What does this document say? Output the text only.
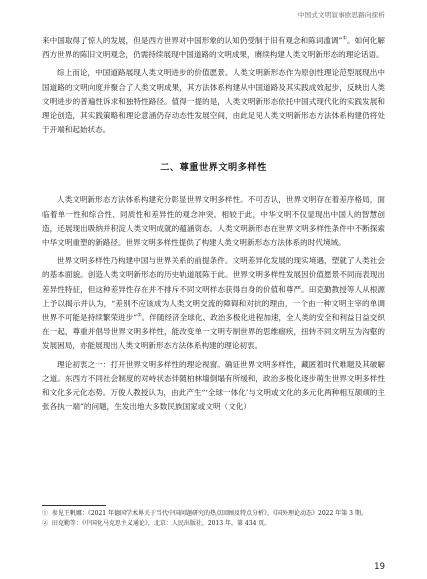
中国式文明叙事欧思路向探析

来中国取得了惊人的发展，但是西方世界对中国形象的认知仍受制于旧有观念和陈词滥调”①。如何化解西方世界的陈旧文明观念，仍需持续展现中国道路的文明成果，赓续构建人类文明新形态的理论话语。

综上而论，中国道路展现人类文明进步的价值愿景。人类文明新形态作为原创性理论范型展现出中国道路的文明向度并聚合了人类文明成果，其方法体系构建从中国道路及其实践成效起步，反映出人类文明进步的普遍性诉求和独特性路径。值得一提的是，人类文明新形态依托中国式现代化的实践发展和理论创造，其实践策略和理论意涵仍存动态性发展空间，由此足见人类文明新形态方法体系构建仍将处于开端和起始状态。

二、尊重世界文明多样性

人类文明新形态方法体系构建充分彰显世界文明多样性。不可否认，世界文明存在着差序格局，面临着单一性和综合性、同质性和差异性的观念冲突。相较于此，中华文明不仅显现出中国人的智慧创造，还展现出吸纳并积淀人类文明成就的蕴涵资态。人类文明新形态在世界文明多样性条件中不断探索中华文明重塑的新路径。世界文明多样性提供了构建人类文明新形态方法体系的时代境域。

世界文明多样性乃构建中国与世界关系的前提条件。文明差异化发展的现实境遇，塑就了人类社会的基本面貌。创造人类文明新形态的历史轨道展陈于此。世界文明多样性发展因价值愿景不同而表现出差异性特征，但这种差异性存在并不排斥不同文明样态获得自身的价值和尊严。田克勤教授等人从根源上予以揭示并认为，“差别不应该成为人类文明交流的障碍和对抗的理由，一个由一种文明主宰的单调世界不可能是持续繁荣进步”②。伴随经济全球化、政治多极化进程加速，全人类的安全和利益日益交织在一起，尊重并倡导世界文明多样性，能改变单一文明专制世界的思维痼疾，扭转不同文明互为沟壑的发展困局，亦能展现出人类文明新形态方法体系构建的理论初衷。

理论初衷之一：打开世界文明多样性的理论视窗。确证世界文明多样性，藏匿着时代难题及其破解之道。东西方不同社会制度的对峙状态伴随柏林墙倒塌有所缓和，政治多极化逐步萌生世界文明多样性和文化多元化态势。万俊人教授认为，由此产生“‘全球一体化’与文明或文化的多元化两种相互颉颃的主张各执一端”的问题，生发出地大多数民族国家或文明（文化）

① 参见王帆娜：《2021 年德国学术界关于当代中国问题研究的热点回顾及特点分析》，《国外理论动态》2022 年第 3 期。

② 田克勤等：《中国化马克思主义通论》，北京：人民出版社，2013 年，第 434 页。

19
